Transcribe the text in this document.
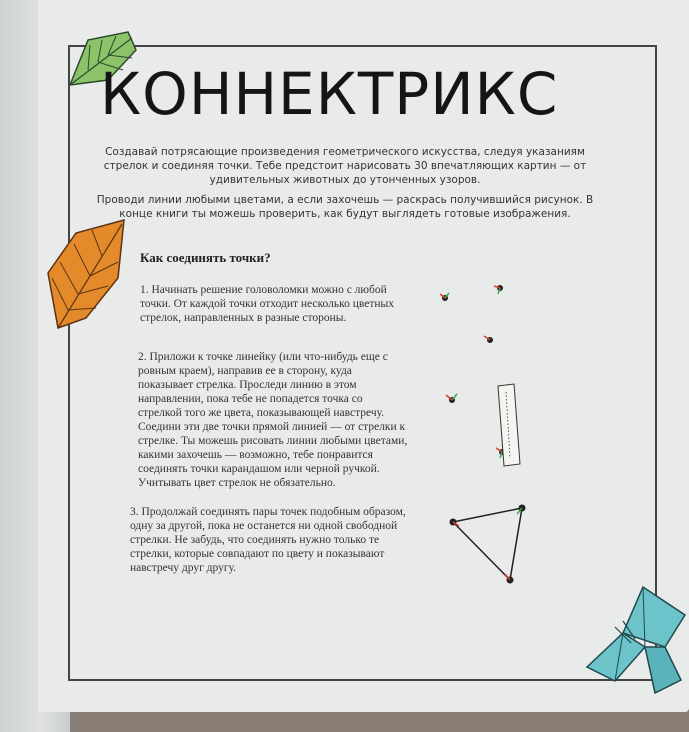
КОННЕКТРИКС

Создавай потрясающие произведения геометрического искусства, следуя указаниям стрелок и соединяя точки. Тебе предстоит нарисовать 30 впечатляющих картин — от удивительных животных до утонченных узоров.

Проводи линии любыми цветами, а если захочешь — раскрась получившийся рисунок. В конце книги ты можешь проверить, как будут выглядеть готовые изображения.

Как соединять точки?
1. Начинать решение головоломки можно с любой точки. От каждой точки отходит несколько цветных стрелок, направленных в разные стороны.
2. Приложи к точке линейку (или что-нибудь еще с ровным краем), направив ее в сторону, куда показывает стрелка. Проследи линию в этом направлении, пока тебе не попадется точка со стрелкой того же цвета, показывающей навстречу. Соедини эти две точки прямой линией — от стрелки к стрелке. Ты можешь рисовать линии любыми цветами, какими захочешь — возможно, тебе понравится соединять точки карандашом или черной ручкой. Учитывать цвет стрелок не обязательно.
3. Продолжай соединять пары точек подобным образом, одну за другой, пока не останется ни одной свободной стрелки. Не забудь, что соединять нужно только те стрелки, которые совпадают по цвету и показывают навстречу друг другу.
